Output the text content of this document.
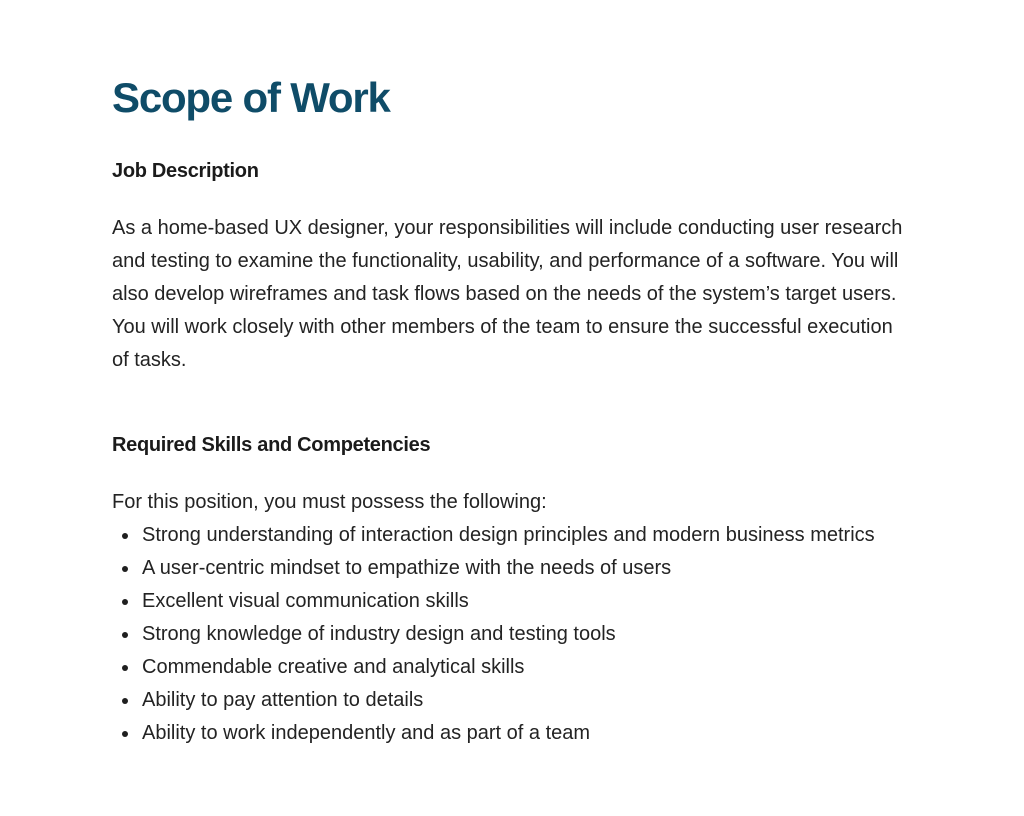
Scope of Work
Job Description

As a home-based UX designer, your responsibilities will include conducting user research and testing to examine the functionality, usability, and performance of a software. You will also develop wireframes and task flows based on the needs of the system’s target users. You will work closely with other members of the team to ensure the successful execution of tasks.

Required Skills and Competencies

For this position, you must possess the following:

Strong understanding of interaction design principles and modern business metrics
A user-centric mindset to empathize with the needs of users
Excellent visual communication skills
Strong knowledge of industry design and testing tools
Commendable creative and analytical skills
Ability to pay attention to details
Ability to work independently and as part of a team
